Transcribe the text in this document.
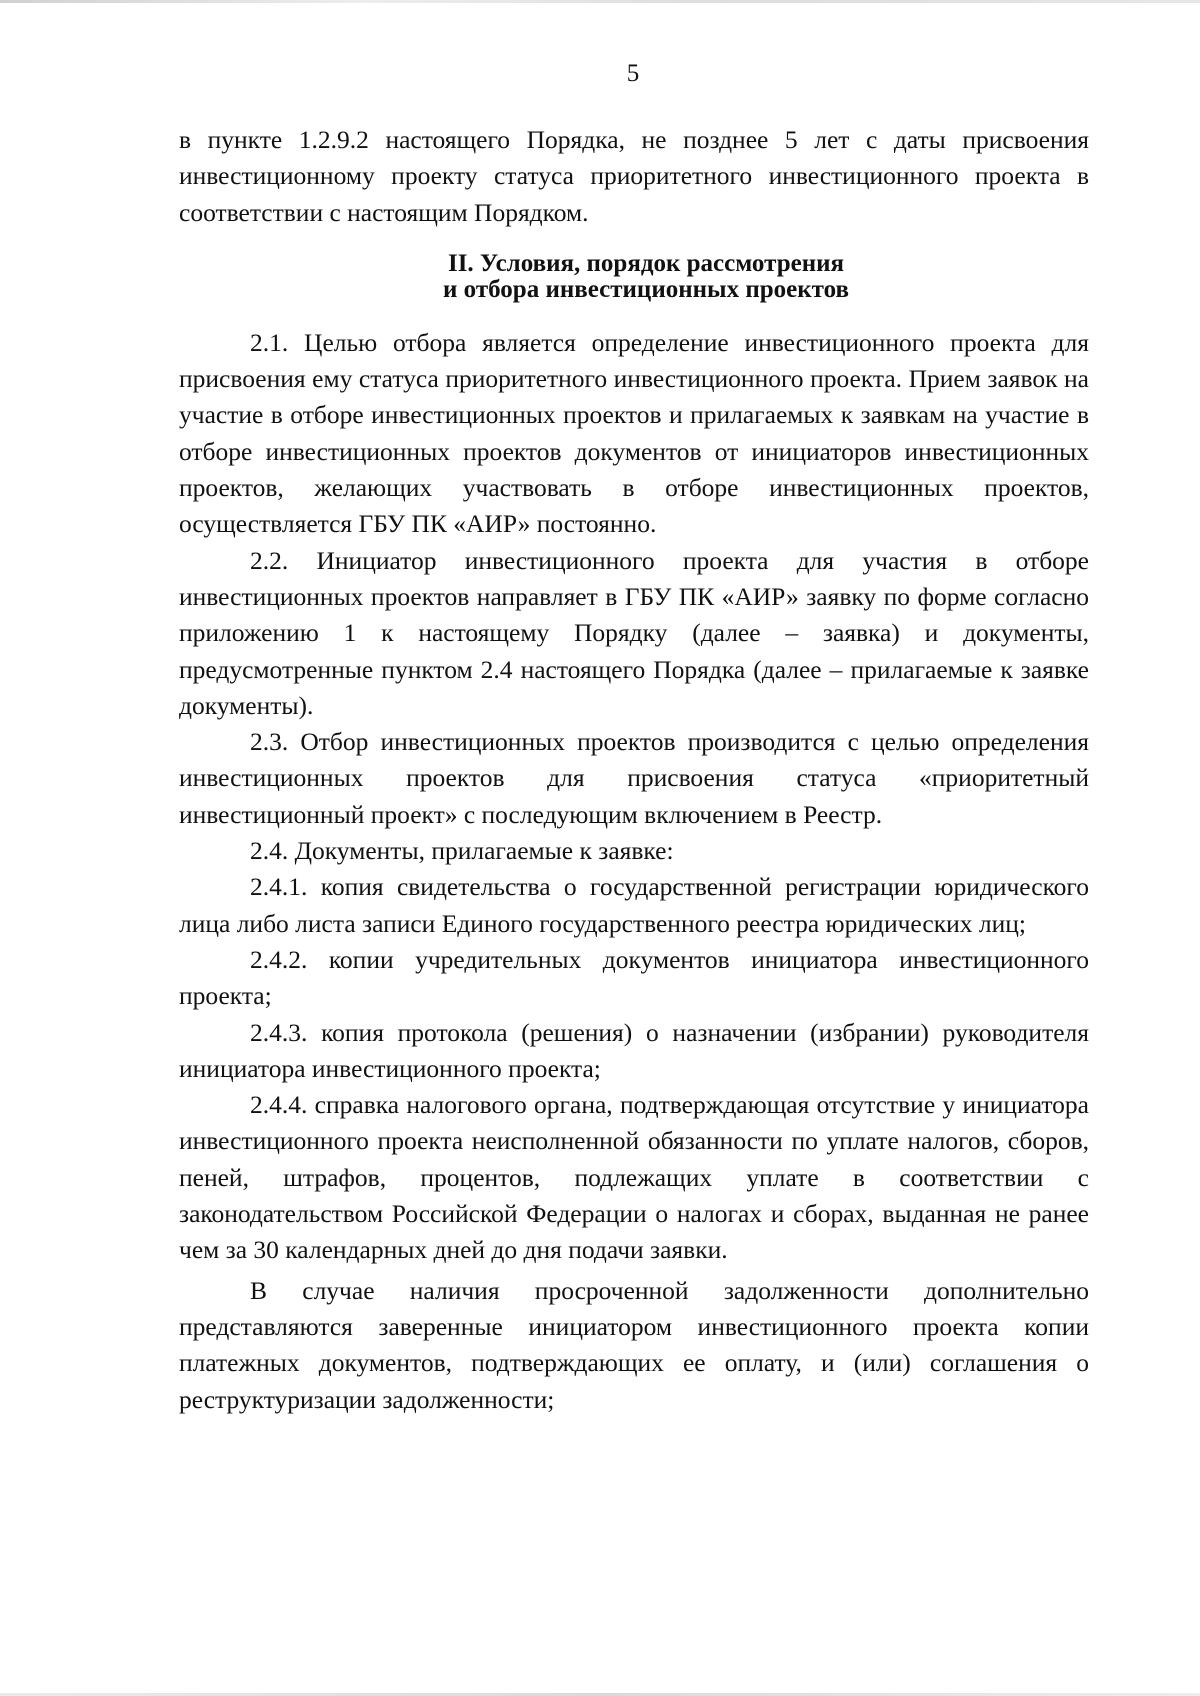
5

в пункте 1.2.9.2 настоящего Порядка, не позднее 5 лет с даты присвоения инвестиционному проекту статуса приоритетного инвестиционного проекта в соответствии с настоящим Порядком.

II. Условия, порядок рассмотрения
и отбора инвестиционных проектов

2.1. Целью отбора является определение инвестиционного проекта для присвоения ему статуса приоритетного инвестиционного проекта. Прием заявок на участие в отборе инвестиционных проектов и прилагаемых к заявкам на участие в отборе инвестиционных проектов документов от инициаторов инвестиционных проектов, желающих участвовать в отборе инвестиционных проектов, осуществляется ГБУ ПК «АИР» постоянно.

2.2. Инициатор инвестиционного проекта для участия в отборе инвестиционных проектов направляет в ГБУ ПК «АИР» заявку по форме согласно приложению 1 к настоящему Порядку (далее – заявка) и документы, предусмотренные пунктом 2.4 настоящего Порядка (далее – прилагаемые к заявке документы).

2.3. Отбор инвестиционных проектов производится с целью определения инвестиционных проектов для присвоения статуса «приоритетный инвестиционный проект» с последующим включением в Реестр.

2.4. Документы, прилагаемые к заявке:

2.4.1. копия свидетельства о государственной регистрации юридического лица либо листа записи Единого государственного реестра юридических лиц;

2.4.2. копии учредительных документов инициатора инвестиционного проекта;

2.4.3. копия протокола (решения) о назначении (избрании) руководителя инициатора инвестиционного проекта;

2.4.4. справка налогового органа, подтверждающая отсутствие у инициатора инвестиционного проекта неисполненной обязанности по уплате налогов, сборов, пеней, штрафов, процентов, подлежащих уплате в соответствии с законодательством Российской Федерации о налогах и сборах, выданная не ранее чем за 30 календарных дней до дня подачи заявки.

В случае наличия просроченной задолженности дополнительно представляются заверенные инициатором инвестиционного проекта копии платежных документов, подтверждающих ее оплату, и (или) соглашения о реструктуризации задолженности;
